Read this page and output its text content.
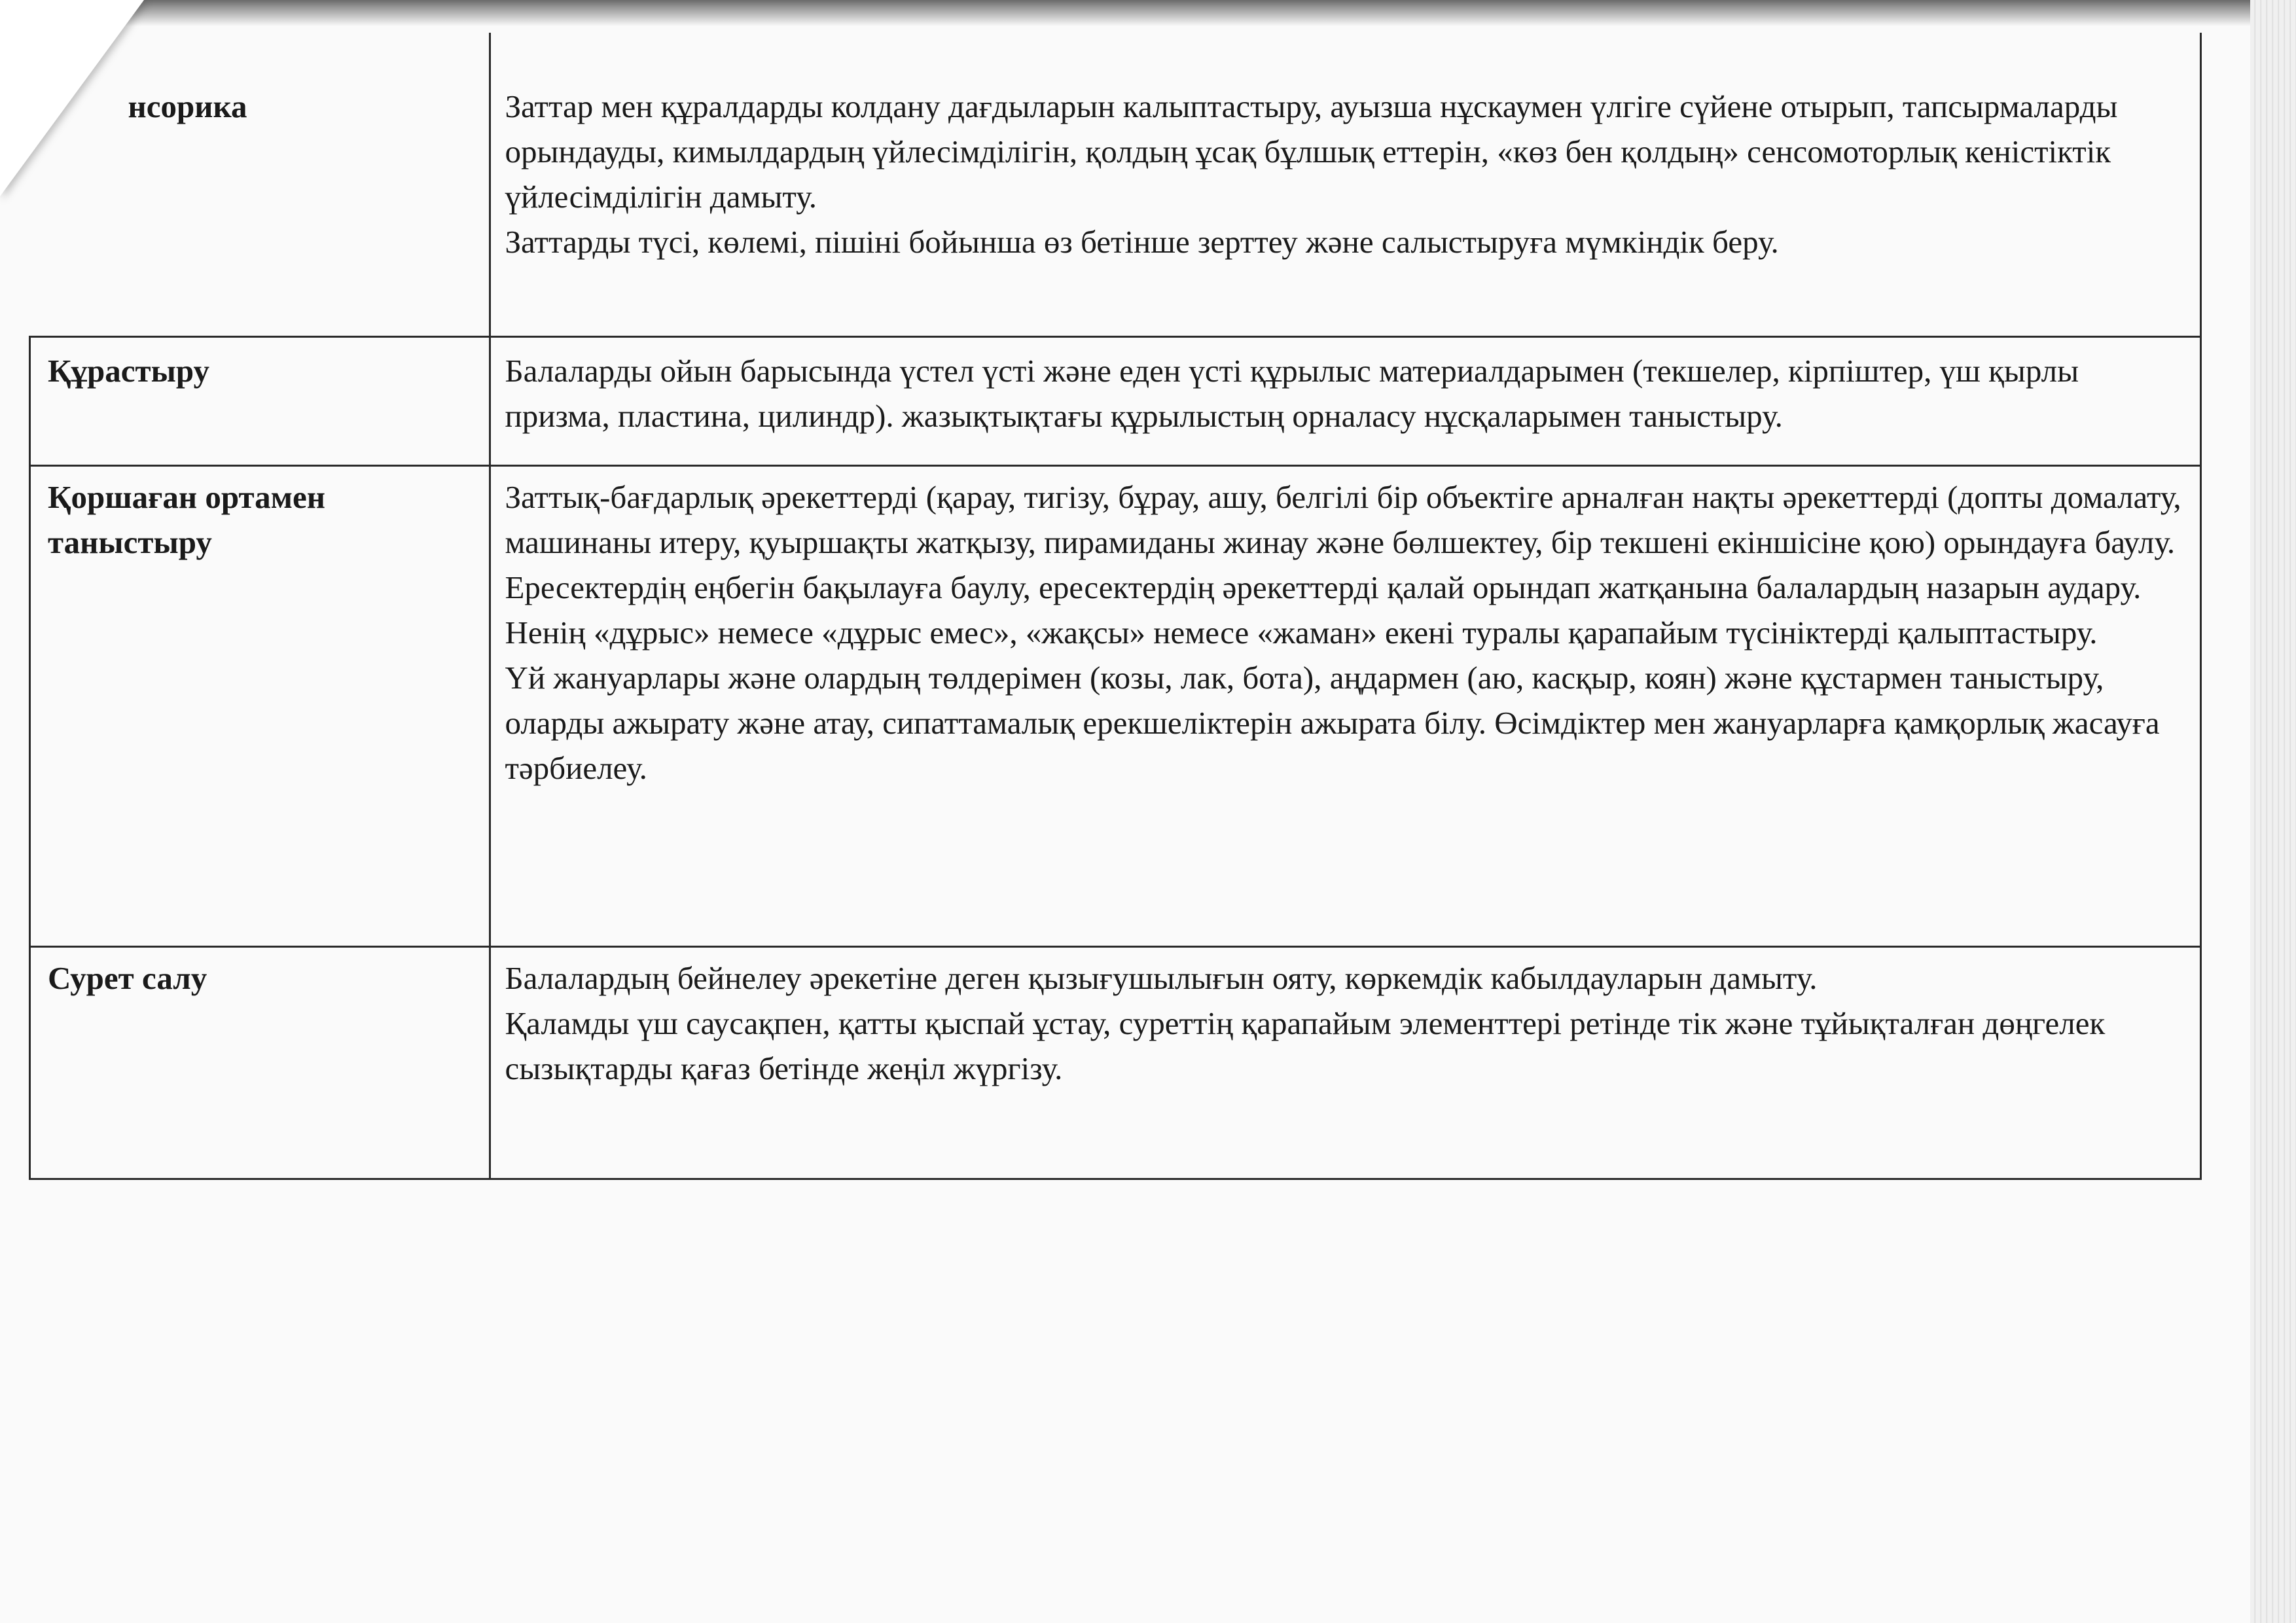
нсорика	Заттар мен құралдарды колдану дағдыларын калыптастыру, ауызша нұскаумен үлгіге сүйене отырып, тапсырмаларды орындауды, кимылдардың үйлесімділігін, қолдың ұсақ бұлшық еттерін, «көз бен қолдың» сенсомоторлық кеністіктік үйлесімділігін дамыту.

Заттарды түсі, көлемі, пішіні бойынша өз бетінше зерттеу және салыстыруға мүмкіндік беру.

Құрастыру	Балаларды ойын барысында үстел үсті және еден үсті құрылыс материалдарымен (текшелер, кірпіштер, үш қырлы призма, пластина, цилиндр). жазықтықтағы құрылыстың орналасу нұсқаларымен таныстыру.

Қоршаған ортамен таныстыру	Заттық-бағдарлық әрекеттерді (қарау, тигізу, бұрау, ашу, белгілі бір объектіге арналған нақты әрекеттерді (допты домалату, машинаны итеру, қуыршақты жатқызу, пирамиданы жинау және бөлшектеу, бір текшені екіншісіне қою) орындауға баулу.

Ересектердің еңбегін бақылауға баулу, ересектердің әрекеттерді қалай орындап жатқанына балалардың назарын аудару.

Ненің «дұрыс» немесе «дұрыс емес», «жақсы» немесе «жаман» екені туралы қарапайым түсініктерді қалыптастыру.

Үй жануарлары және олардың төлдерімен (козы, лак, бота), аңдармен (аю, касқыр, коян) және құстармен таныстыру, оларды ажырату және атау, сипаттамалық ерекшеліктерін ажырата білу. Өсімдіктер мен жануарларға қамқорлық жасауға тәрбиелеу.

Сурет салу	Балалардың бейнелеу әрекетіне деген қызығушылығын ояту, көркемдік кабылдауларын дамыту.

Қаламды үш саусақпен, қатты қыспай ұстау, суреттің қарапайым элементтері ретінде тік және тұйықталған дөңгелек сызықтарды қағаз бетінде жеңіл жүргізу.
